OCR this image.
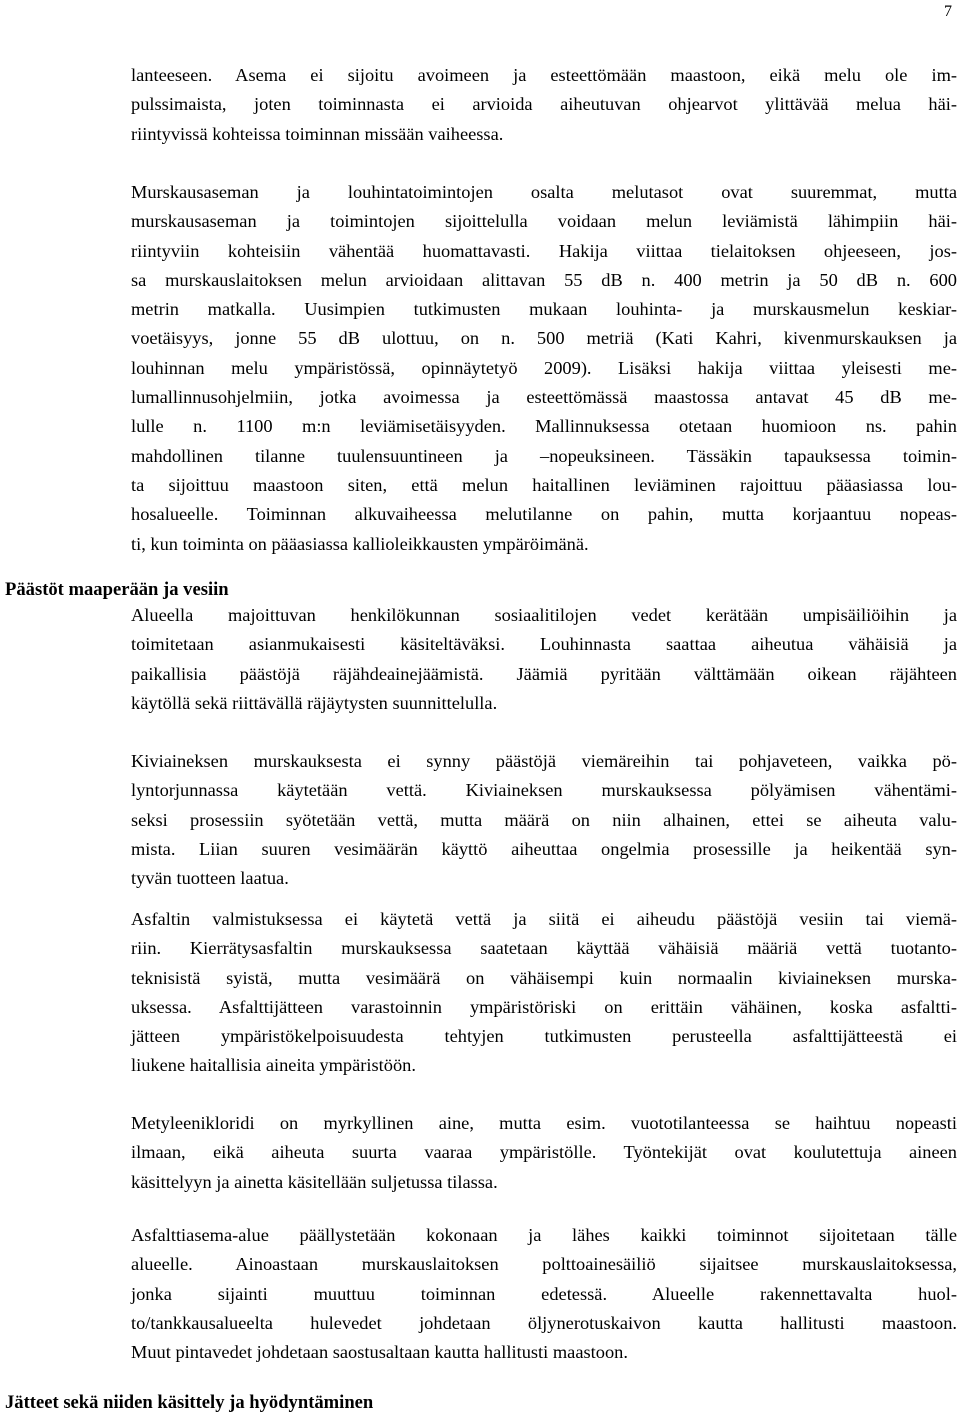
7
lanteeseen. Asema ei sijoitu avoimeen ja esteettömään maastoon, eikä melu ole im-
pulssimaista, joten toiminnasta ei arvioida aiheutuvan ohjearvot ylittävää melua häi-
riintyvissä kohteissa toiminnan missään vaiheessa.
Murskausaseman ja louhintatoimintojen osalta melutasot ovat suuremmat, mutta
murskausaseman ja toimintojen sijoittelulla voidaan melun leviämistä lähimpiin häi-
riintyviin kohteisiin vähentää huomattavasti. Hakija viittaa tielaitoksen ohjeeseen, jos-
sa murskauslaitoksen melun arvioidaan alittavan 55 dB n. 400 metrin ja 50 dB n. 600
metrin matkalla. Uusimpien tutkimusten mukaan louhinta- ja murskausmelun keskiar-
voetäisyys, jonne 55 dB ulottuu, on n. 500 metriä (Kati Kahri, kivenmurskauksen ja
louhinnan melu ympäristössä, opinnäytetyö 2009). Lisäksi hakija viittaa yleisesti me-
lumallinnusohjelmiin, jotka avoimessa ja esteettömässä maastossa antavat 45 dB me-
lulle n. 1100 m:n leviämisetäisyyden. Mallinnuksessa otetaan huomioon ns. pahin
mahdollinen tilanne tuulensuuntineen ja –nopeuksineen. Tässäkin tapauksessa toimin-
ta sijoittuu maastoon siten, että melun haitallinen leviäminen rajoittuu pääasiassa lou-
hosalueelle. Toiminnan alkuvaiheessa melutilanne on pahin, mutta korjaantuu nopeas-
ti, kun toiminta on pääasiassa kallioleikkausten ympäröimänä.
Päästöt maaperään ja vesiin
Alueella majoittuvan henkilökunnan sosiaalitilojen vedet kerätään umpisäiliöihin ja
toimitetaan asianmukaisesti käsiteltäväksi. Louhinnasta saattaa aiheutua vähäisiä ja
paikallisia päästöjä räjähdeainejäämistä. Jäämiä pyritään välttämään oikean räjähteen
käytöllä sekä riittävällä räjäytysten suunnittelulla.
Kiviaineksen murskauksesta ei synny päästöjä viemäreihin tai pohjaveteen, vaikka pö-
lyntorjunnassa käytetään vettä. Kiviaineksen murskauksessa pölyämisen vähentämi-
seksi prosessiin syötetään vettä, mutta määrä on niin alhainen, ettei se aiheuta valu-
mista. Liian suuren vesimäärän käyttö aiheuttaa ongelmia prosessille ja heikentää syn-
tyvän tuotteen laatua.
Asfaltin valmistuksessa ei käytetä vettä ja siitä ei aiheudu päästöjä vesiin tai viemä-
riin. Kierrätysasfaltin murskauksessa saatetaan käyttää vähäisiä määriä vettä tuotanto-
teknisistä syistä, mutta vesimäärä on vähäisempi kuin normaalin kiviaineksen murska-
uksessa. Asfalttijätteen varastoinnin ympäristöriski on erittäin vähäinen, koska asfaltti-
jätteen ympäristökelpoisuudesta tehtyjen tutkimusten perusteella asfalttijätteestä ei
liukene haitallisia aineita ympäristöön.
Metyleenikloridi on myrkyllinen aine, mutta esim. vuototilanteessa se haihtuu nopeasti
ilmaan, eikä aiheuta suurta vaaraa ympäristölle. Työntekijät ovat koulutettuja aineen
käsittelyyn ja ainetta käsitellään suljetussa tilassa.
Asfalttiasema-alue päällystetään kokonaan ja lähes kaikki toiminnot sijoitetaan tälle
alueelle. Ainoastaan murskauslaitoksen polttoainesäiliö sijaitsee murskauslaitoksessa,
jonka sijainti muuttuu toiminnan edetessä. Alueelle rakennettavalta huol-
to/tankkausalueelta hulevedet johdetaan öljynerotuskaivon kautta hallitusti maastoon.
Muut pintavedet johdetaan saostusaltaan kautta hallitusti maastoon.
Jätteet sekä niiden käsittely ja hyödyntäminen
